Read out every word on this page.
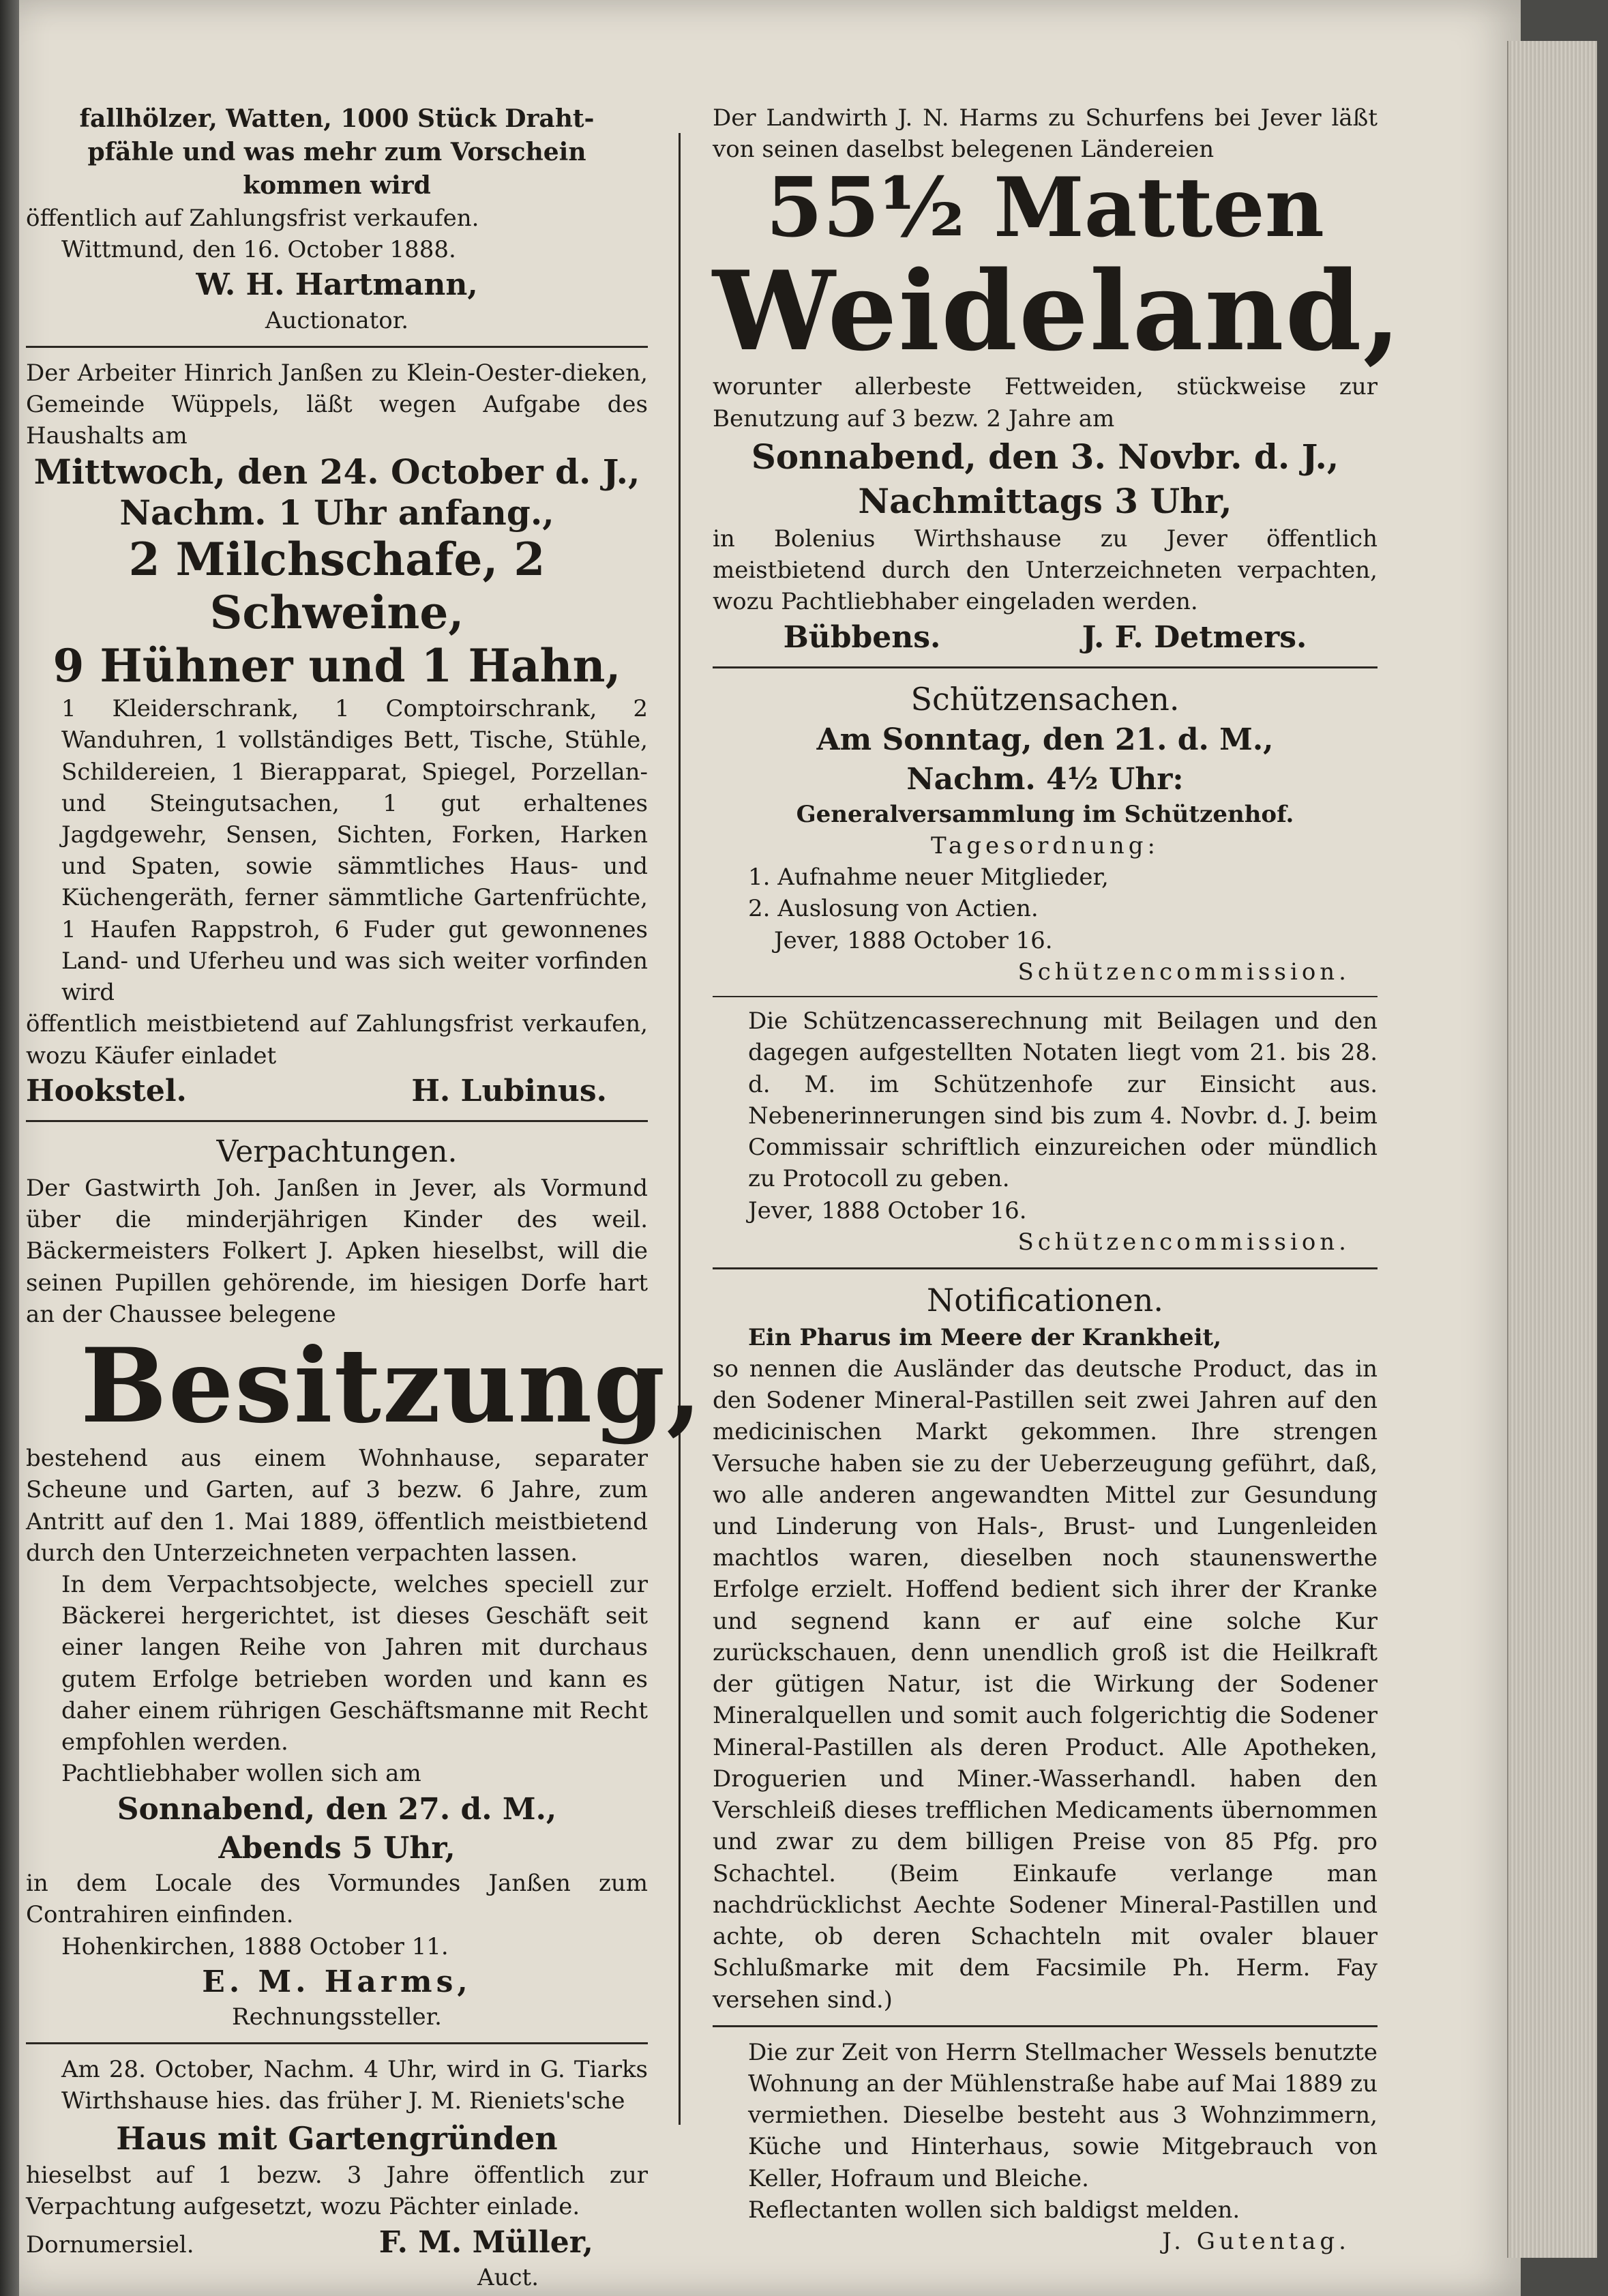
fallhölzer, Watten, 1000 Stück Draht-

pfähle und was mehr zum Vorschein

kommen wird

öffentlich auf Zahlungsfrist verkaufen.

Wittmund, den 16. October 1888.

W. H. Hartmann,

Auctionator.

Der Arbeiter Hinrich Janßen zu Klein-Oester-dieken, Gemeinde Wüppels, läßt wegen Aufgabe des Haushalts am

Mittwoch, den 24. October d. J.,

Nachm. 1 Uhr anfang.,

2 Milchschafe, 2 Schweine,

9 Hühner und 1 Hahn,

1 Kleiderschrank, 1 Comptoirschrank, 2 Wanduhren, 1 vollständiges Bett, Tische, Stühle, Schildereien, 1 Bierapparat, Spiegel, Porzellan- und Steingutsachen, 1 gut erhaltenes Jagdgewehr, Sensen, Sichten, Forken, Harken und Spaten, sowie sämmtliches Haus- und Küchengeräth, ferner sämmtliche Gartenfrüchte, 1 Haufen Rappstroh, 6 Fuder gut gewonnenes Land- und Uferheu und was sich weiter vorfinden wird

öffentlich meistbietend auf Zahlungsfrist verkaufen, wozu Käufer einladet

Hookstel.	H. Lubinus.

Verpachtungen.

Der Gastwirth Joh. Janßen in Jever, als Vormund über die minderjährigen Kinder des weil. Bäckermeisters Folkert J. Apken hieselbst, will die seinen Pupillen gehörende, im hiesigen Dorfe hart an der Chaussee belegene

Besitzung,

bestehend aus einem Wohnhause, separater Scheune und Garten, auf 3 bezw. 6 Jahre, zum Antritt auf den 1. Mai 1889, öffentlich meistbietend durch den Unterzeichneten verpachten lassen.

In dem Verpachtsobjecte, welches speciell zur Bäckerei hergerichtet, ist dieses Geschäft seit einer langen Reihe von Jahren mit durchaus gutem Erfolge betrieben worden und kann es daher einem rührigen Geschäftsmanne mit Recht empfohlen werden.

Pachtliebhaber wollen sich am

Sonnabend, den 27. d. M.,

Abends 5 Uhr,

in dem Locale des Vormundes Janßen zum Contrahiren einfinden.

Hohenkirchen, 1888 October 11.

E. M. Harms,

Rechnungssteller.

Am 28. October, Nachm. 4 Uhr, wird in G. Tiarks Wirthshause hies. das früher J. M. Rieniets'sche

Haus mit Gartengründen

hieselbst auf 1 bezw. 3 Jahre öffentlich zur Verpachtung aufgesetzt, wozu Pächter einlade.

Dornumersiel.	F. M. Müller,

Auct.

Der Landwirth J. N. Harms zu Schurfens bei Jever läßt von seinen daselbst belegenen Ländereien

55½ Matten

Weideland,

worunter allerbeste Fettweiden, stückweise zur Benutzung auf 3 bezw. 2 Jahre am

Sonnabend, den 3. Novbr. d. J.,

Nachmittags 3 Uhr,

in Bolenius Wirthshause zu Jever öffentlich meistbietend durch den Unterzeichneten verpachten, wozu Pachtliebhaber eingeladen werden.

Bübbens.	J. F. Detmers.

Schützensachen.

Am Sonntag, den 21. d. M.,

Nachm. 4½ Uhr:

Generalversammlung im Schützenhof.

Tagesordnung:

1. Aufnahme neuer Mitglieder,

2. Auslosung von Actien.

Jever, 1888 October 16.

Schützencommission.

Die Schützencasserechnung mit Beilagen und den dagegen aufgestellten Notaten liegt vom 21. bis 28. d. M. im Schützenhofe zur Einsicht aus. Nebenerinnerungen sind bis zum 4. Novbr. d. J. beim Commissair schriftlich einzureichen oder mündlich zu Protocoll zu geben.

Jever, 1888 October 16.

Schützencommission.

Notificationen.

Ein Pharus im Meere der Krankheit,

so nennen die Ausländer das deutsche Product, das in den Sodener Mineral-Pastillen seit zwei Jahren auf den medicinischen Markt gekommen. Ihre strengen Versuche haben sie zu der Ueberzeugung geführt, daß, wo alle anderen angewandten Mittel zur Gesundung und Linderung von Hals-, Brust- und Lungenleiden machtlos waren, dieselben noch staunenswerthe Erfolge erzielt. Hoffend bedient sich ihrer der Kranke und segnend kann er auf eine solche Kur zurückschauen, denn unendlich groß ist die Heilkraft der gütigen Natur, ist die Wirkung der Sodener Mineralquellen und somit auch folgerichtig die Sodener Mineral-Pastillen als deren Product. Alle Apotheken, Droguerien und Miner.-Wasserhandl. haben den Verschleiß dieses trefflichen Medicaments übernommen und zwar zu dem billigen Preise von 85 Pfg. pro Schachtel. (Beim Einkaufe verlange man nachdrücklichst Aechte Sodener Mineral-Pastillen und achte, ob deren Schachteln mit ovaler blauer Schlußmarke mit dem Facsimile Ph. Herm. Fay versehen sind.)

Die zur Zeit von Herrn Stellmacher Wessels benutzte Wohnung an der Mühlenstraße habe auf Mai 1889 zu vermiethen. Dieselbe besteht aus 3 Wohnzimmern, Küche und Hinterhaus, sowie Mitgebrauch von Keller, Hofraum und Bleiche.

Reflectanten wollen sich baldigst melden.

J. Gutentag.
